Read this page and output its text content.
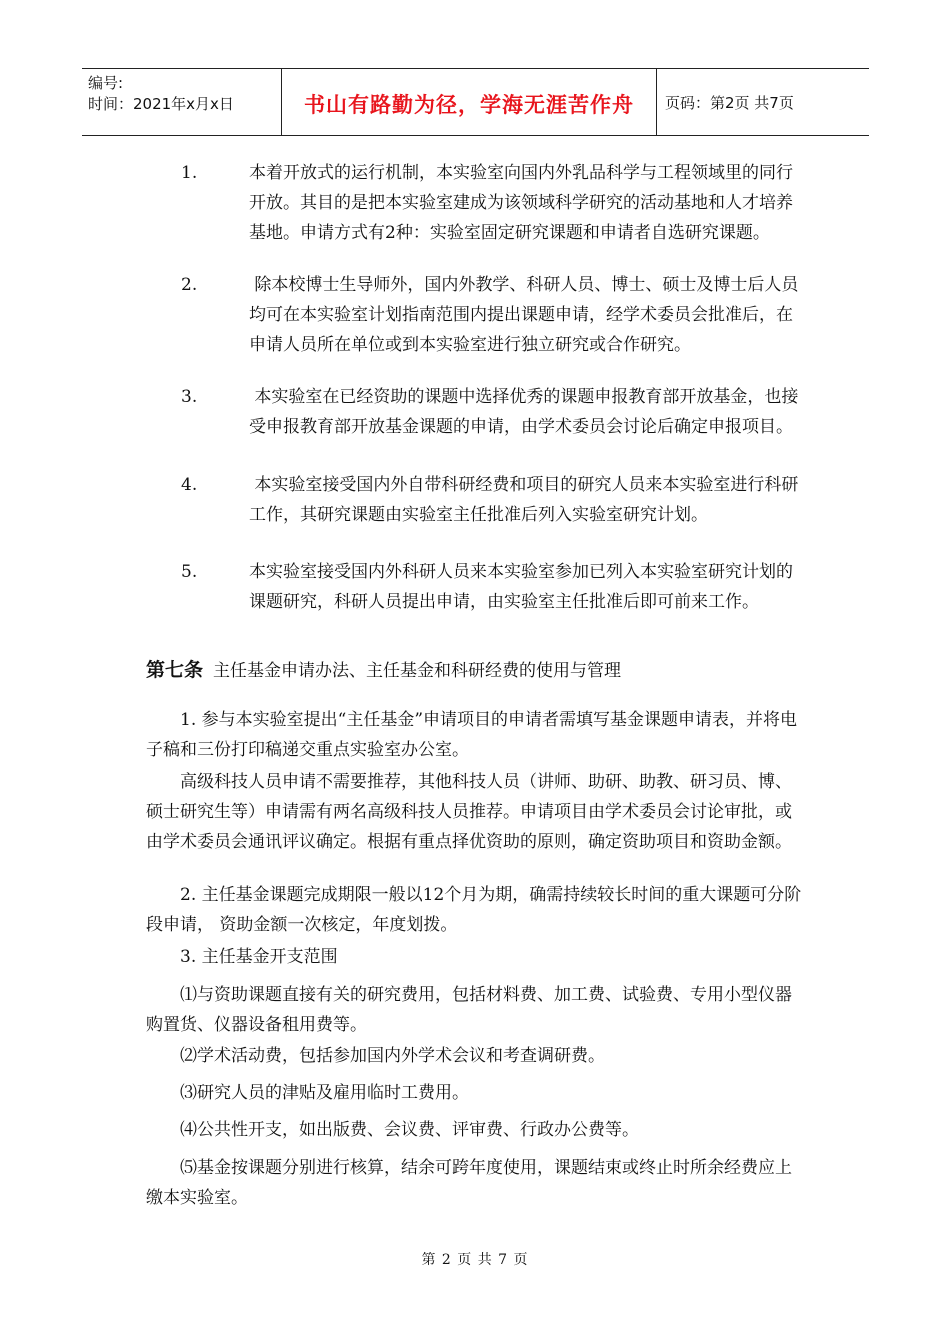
编号:
时间：2021年x月x日	书山有路勤为径，学海无涯苦作舟	页码：第2页 共7页
1.	本着开放式的运行机制，本实验室向国内外乳品科学与工程领域里的同行开放。其目的是把本实验室建成为该领域科学研究的活动基地和人才培养基地。申请方式有2种：实验室固定研究课题和申请者自选研究课题。
2.	除本校博士生导师外，国内外教学、科研人员、博士、硕士及博士后人员均可在本实验室计划指南范围内提出课题申请，经学术委员会批准后，在申请人员所在单位或到本实验室进行独立研究或合作研究。
3.	本实验室在已经资助的课题中选择优秀的课题申报教育部开放基金，也接受申报教育部开放基金课题的申请，由学术委员会讨论后确定申报项目。
4.	本实验室接受国内外自带科研经费和项目的研究人员来本实验室进行科研工作，其研究课题由实验室主任批准后列入实验室研究计划。
5.	本实验室接受国内外科研人员来本实验室参加已列入本实验室研究计划的课题研究，科研人员提出申请，由实验室主任批准后即可前来工作。
第七条 主任基金申请办法、主任基金和科研经费的使用与管理
1. 参与本实验室提出“主任基金”申请项目的申请者需填写基金课题申请表，并将电子稿和三份打印稿递交重点实验室办公室。
高级科技人员申请不需要推荐，其他科技人员（讲师、助研、助教、研习员、博、硕士研究生等）申请需有两名高级科技人员推荐。申请项目由学术委员会讨论审批，或由学术委员会通讯评议确定。根据有重点择优资助的原则，确定资助项目和资助金额。
2. 主任基金课题完成期限一般以12个月为期，确需持续较长时间的重大课题可分阶段申请， 资助金额一次核定，年度划拨。
3. 主任基金开支范围
⑴与资助课题直接有关的研究费用，包括材料费、加工费、试验费、专用小型仪器购置货、仪器设备租用费等。
⑵学术活动费，包括参加国内外学术会议和考查调研费。
⑶研究人员的津贴及雇用临时工费用。
⑷公共性开支，如出版费、会议费、评审费、行政办公费等。
⑸基金按课题分别进行核算，结余可跨年度使用，课题结束或终止时所余经费应上缴本实验室。
第 2 页 共 7 页
